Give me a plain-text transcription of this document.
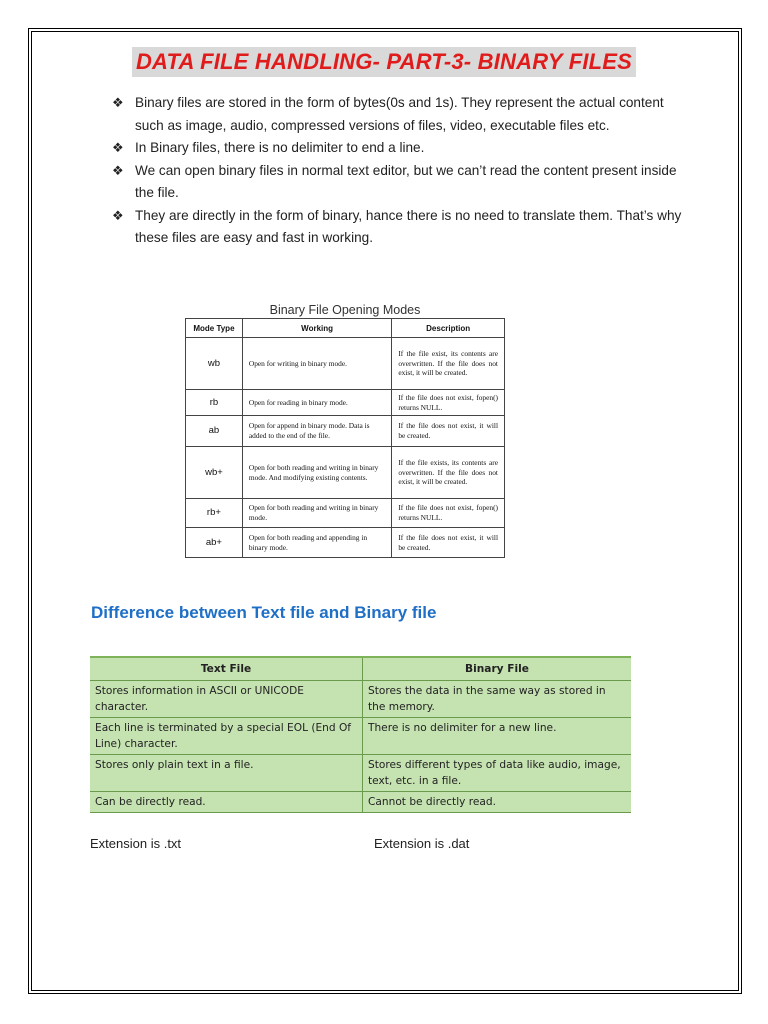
DATA FILE HANDLING- PART-3- BINARY FILES
❖ Binary files are stored in the form of bytes(0s and 1s). They represent the actual content such as image, audio, compressed versions of files, video, executable files etc.
❖ In Binary files, there is no delimiter to end a line.
❖ We can open binary files in normal text editor, but we can’t read the content present inside the file.
❖ They are directly in the form of binary, hance there is no need to translate them. That’s why these files are easy and fast in working.
Binary File Opening Modes
Mode Type	Working	Description
wb	Open for writing in binary mode.	If the file exist, its contents are overwritten. If the file does not exist, it will be created.
rb	Open for reading in binary mode.	If the file does not exist, fopen() returns NULL.
ab	Open for append in binary mode. Data is added to the end of the file.	If the file does not exist, it will be created.
wb+	Open for both reading and writing in binary mode. And modifying existing contents.	If the file exists, its contents are overwritten. If the file does not exist, it will be created.
rb+	Open for both reading and writing in binary mode.	If the file does not exist, fopen() returns NULL.
ab+	Open for both reading and appending in binary mode.	If the file does not exist, it will be created.
Difference between Text file and Binary file
Text File	Binary File
Stores information in ASCII or UNICODE character.	Stores the data in the same way as stored in the memory.
Each line is terminated by a special EOL (End Of Line) character.	There is no delimiter for a new line.
Stores only plain text in a file.	Stores different types of data like audio, image, text, etc. in a file.
Can be directly read.	Cannot be directly read.
Extension is .txt	Extension is .dat
